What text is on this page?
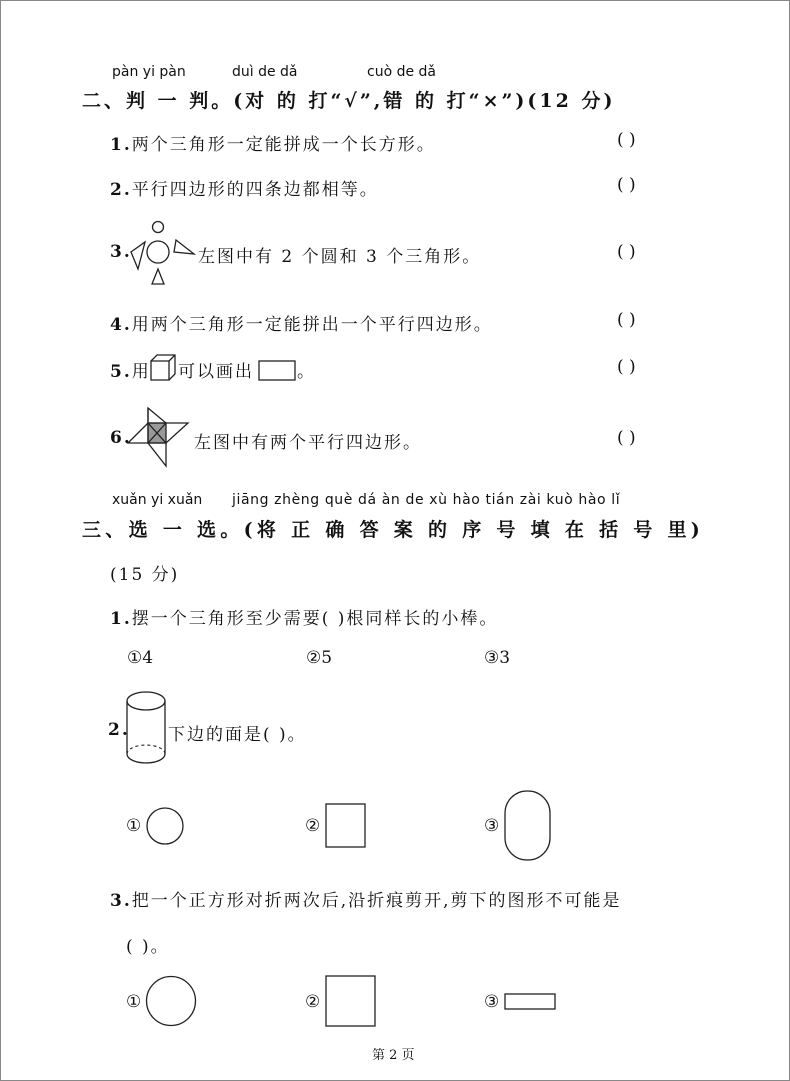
pàn yi pàn	duì de dǎ	cuò de dǎ
二、判 一 判。(对 的 打“√”,错 的 打“×”)(12 分)
1.两个三角形一定能拼成一个长方形。	( )
2.平行四边形的四条边都相等。	( )
3.	左图中有 2 个圆和 3 个三角形。	( )
4.用两个三角形一定能拼出一个平行四边形。	( )
5.用 可以画出	。	( )
6.	左图中有两个平行四边形。	( )
xuǎn yi xuǎn jiāng zhèng què dá àn de xù hào tián zài kuò hào lǐ
三、选 一 选。(将 正 确 答 案 的 序 号 填 在 括 号 里)
(15 分)
1.摆一个三角形至少需要( )根同样长的小棒。
①4	②5	③3
2. 下边的面是( )。
①	②	③
3.把一个正方形对折两次后,沿折痕剪开,剪下的图形不可能是
( )。
①	②	③
第 2 页
